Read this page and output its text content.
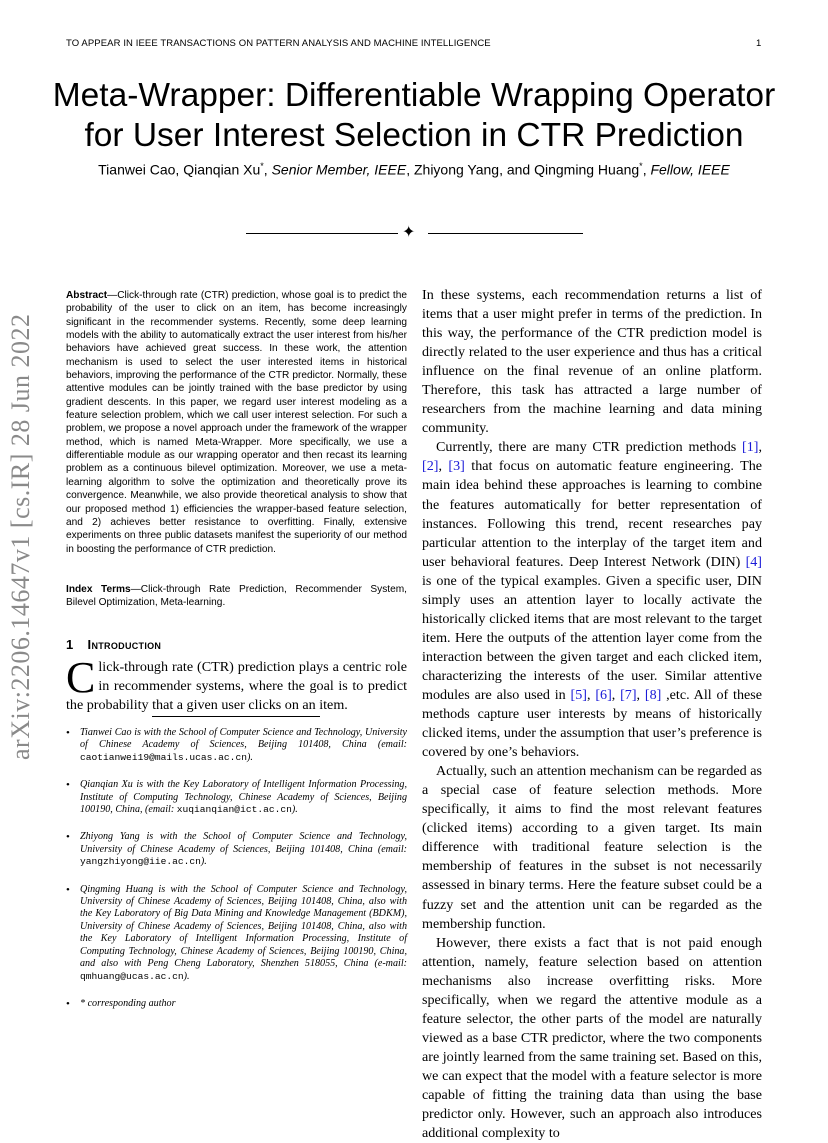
TO APPEAR IN IEEE TRANSACTIONS ON PATTERN ANALYSIS AND MACHINE INTELLIGENCE	1
Meta-Wrapper: Differentiable Wrapping Operator
for User Interest Selection in CTR Prediction
Tianwei Cao, Qianqian Xu*, Senior Member, IEEE, Zhiyong Yang, and Qingming Huang*, Fellow, IEEE
✦
arXiv:2206.14647v1 [cs.IR] 28 Jun 2022
Abstract—Click-through rate (CTR) prediction, whose goal is to predict the probability of the user to click on an item, has become increasingly significant in the recommender systems. Recently, some deep learning models with the ability to automatically extract the user interest from his/her behaviors have achieved great success. In these work, the attention mechanism is used to select the user interested items in historical behaviors, improving the performance of the CTR predictor. Normally, these attentive modules can be jointly trained with the base predictor by using gradient descents. In this paper, we regard user interest modeling as a feature selection problem, which we call user interest selection. For such a problem, we propose a novel approach under the framework of the wrapper method, which is named Meta-Wrapper. More specifically, we use a differentiable module as our wrapping operator and then recast its learning problem as a continuous bilevel optimization. Moreover, we use a meta-learning algorithm to solve the optimization and theoretically prove its convergence. Meanwhile, we also provide theoretical analysis to show that our proposed method 1) efficiencies the wrapper-based feature selection, and 2) achieves better resistance to overfitting. Finally, extensive experiments on three public datasets manifest the superiority of our method in boosting the performance of CTR prediction.
Index Terms—Click-through Rate Prediction, Recommender System, Bilevel Optimization, Meta-learning.
1 Introduction
Click-through rate (CTR) prediction plays a centric role in recommender systems, where the goal is to predict the probability that a given user clicks on an item.
• Tianwei Cao is with the School of Computer Science and Technology, University of Chinese Academy of Sciences, Beijing 101408, China (email: caotianwei19@mails.ucas.ac.cn).
• Qianqian Xu is with the Key Laboratory of Intelligent Information Processing, Institute of Computing Technology, Chinese Academy of Sciences, Beijing 100190, China, (email: xuqianqian@ict.ac.cn).
• Zhiyong Yang is with the School of Computer Science and Technology, University of Chinese Academy of Sciences, Beijing 101408, China (email: yangzhiyong@iie.ac.cn).
• Qingming Huang is with the School of Computer Science and Technology, University of Chinese Academy of Sciences, Beijing 101408, China, also with the Key Laboratory of Big Data Mining and Knowledge Management (BDKM), University of Chinese Academy of Sciences, Beijing 101408, China, also with the Key Laboratory of Intelligent Information Processing, Institute of Computing Technology, Chinese Academy of Sciences, Beijing 100190, China, and also with Peng Cheng Laboratory, Shenzhen 518055, China (e-mail: qmhuang@ucas.ac.cn).
• * corresponding author

In these systems, each recommendation returns a list of items that a user might prefer in terms of the prediction. In this way, the performance of the CTR prediction model is directly related to the user experience and thus has a critical influence on the final revenue of an online platform. Therefore, this task has attracted a large number of researchers from the machine learning and data mining community.

Currently, there are many CTR prediction methods [1], [2], [3] that focus on automatic feature engineering. The main idea behind these approaches is learning to combine the features automatically for better representation of instances. Following this trend, recent researches pay particular attention to the interplay of the target item and user behavioral features. Deep Interest Network (DIN) [4] is one of the typical examples. Given a specific user, DIN simply uses an attention layer to locally activate the historically clicked items that are most relevant to the target item. Here the outputs of the attention layer come from the interaction between the given target and each clicked item, characterizing the interests of the user. Similar attentive modules are also used in [5], [6], [7], [8] ,etc. All of these methods capture user interests by means of historically clicked items, under the assumption that user’s preference is covered by one’s behaviors.

Actually, such an attention mechanism can be regarded as a special case of feature selection methods. More specifically, it aims to find the most relevant features (clicked items) according to a given target. Its main difference with traditional feature selection is the membership of features in the subset is not necessarily assessed in binary terms. Here the feature subset could be a fuzzy set and the attention unit can be regarded as the membership function.

However, there exists a fact that is not paid enough attention, namely, feature selection based on attention mechanisms also increase overfitting risks. More specifically, when we regard the attentive module as a feature selector, the other parts of the model are naturally viewed as a base CTR predictor, where the two components are jointly learned from the same training set. Based on this, we can expect that the model with a feature selector is more capable of fitting the training data than using the base predictor only. However, such an approach also introduces additional complexity to
